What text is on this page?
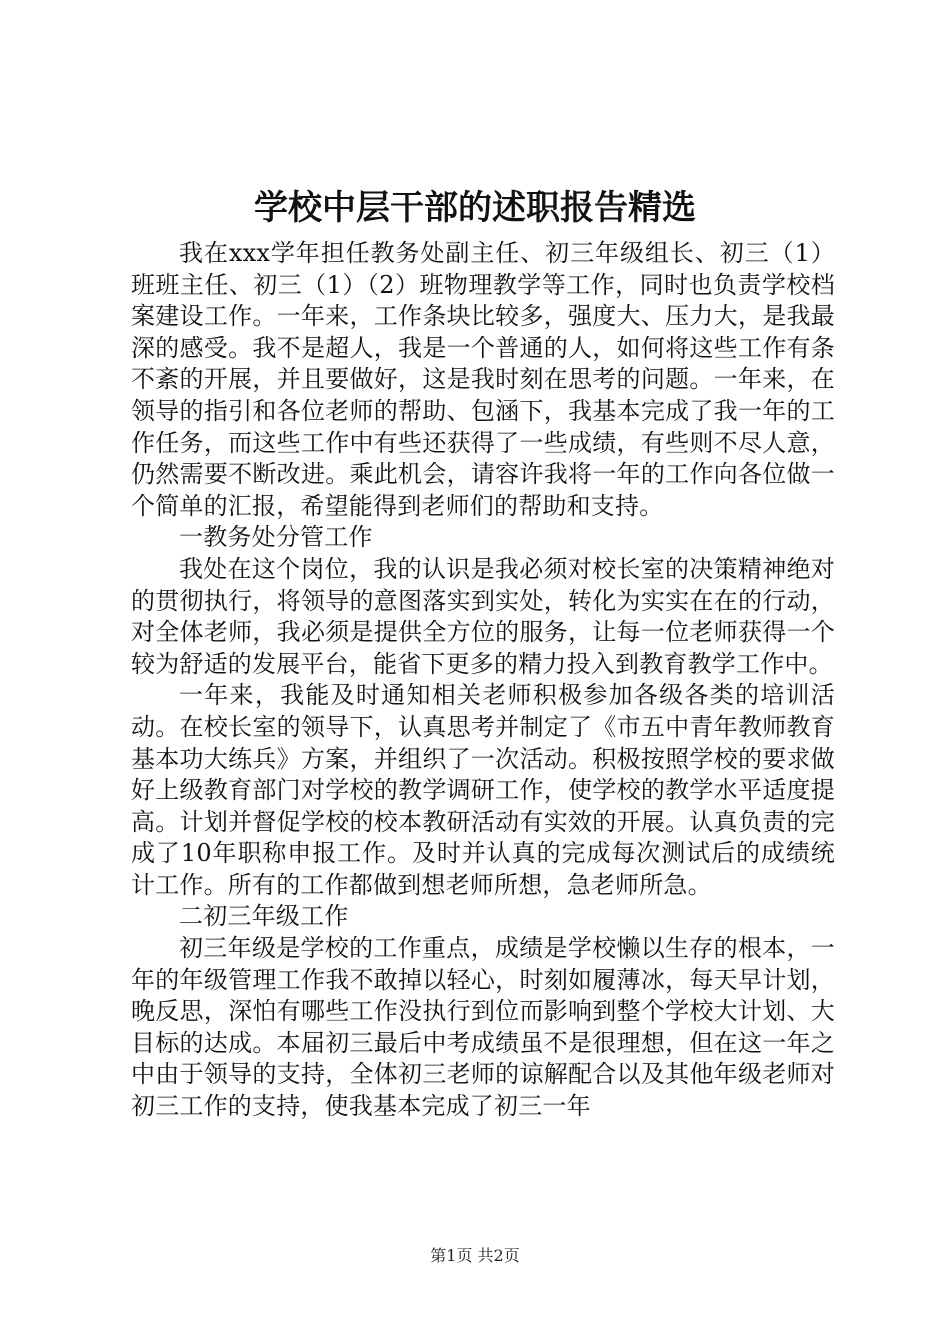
学校中层干部的述职报告精选

我在xxx学年担任教务处副主任、初三年级组长、初三（1）班班主任、初三（1）（2）班物理教学等工作，同时也负责学校档案建设工作。一年来，工作条块比较多，强度大、压力大，是我最深的感受。我不是超人，我是一个普通的人，如何将这些工作有条不紊的开展，并且要做好，这是我时刻在思考的问题。一年来，在领导的指引和各位老师的帮助、包涵下，我基本完成了我一年的工作任务，而这些工作中有些还获得了一些成绩，有些则不尽人意，仍然需要不断改进。乘此机会，请容许我将一年的工作向各位做一个简单的汇报，希望能得到老师们的帮助和支持。

一教务处分管工作

我处在这个岗位，我的认识是我必须对校长室的决策精神绝对的贯彻执行，将领导的意图落实到实处，转化为实实在在的行动，对全体老师，我必须是提供全方位的服务，让每一位老师获得一个较为舒适的发展平台，能省下更多的精力投入到教育教学工作中。

一年来，我能及时通知相关老师积极参加各级各类的培训活动。在校长室的领导下，认真思考并制定了《市五中青年教师教育基本功大练兵》方案，并组织了一次活动。积极按照学校的要求做好上级教育部门对学校的教学调研工作，使学校的教学水平适度提高。计划并督促学校的校本教研活动有实效的开展。认真负责的完成了10年职称申报工作。及时并认真的完成每次测试后的成绩统计工作。所有的工作都做到想老师所想，急老师所急。

二初三年级工作

初三年级是学校的工作重点，成绩是学校懒以生存的根本，一年的年级管理工作我不敢掉以轻心，时刻如履薄冰，每天早计划，晚反思，深怕有哪些工作没执行到位而影响到整个学校大计划、大目标的达成。本届初三最后中考成绩虽不是很理想，但在这一年之中由于领导的支持，全体初三老师的谅解配合以及其他年级老师对初三工作的支持，使我基本完成了初三一年

第1页 共2页
